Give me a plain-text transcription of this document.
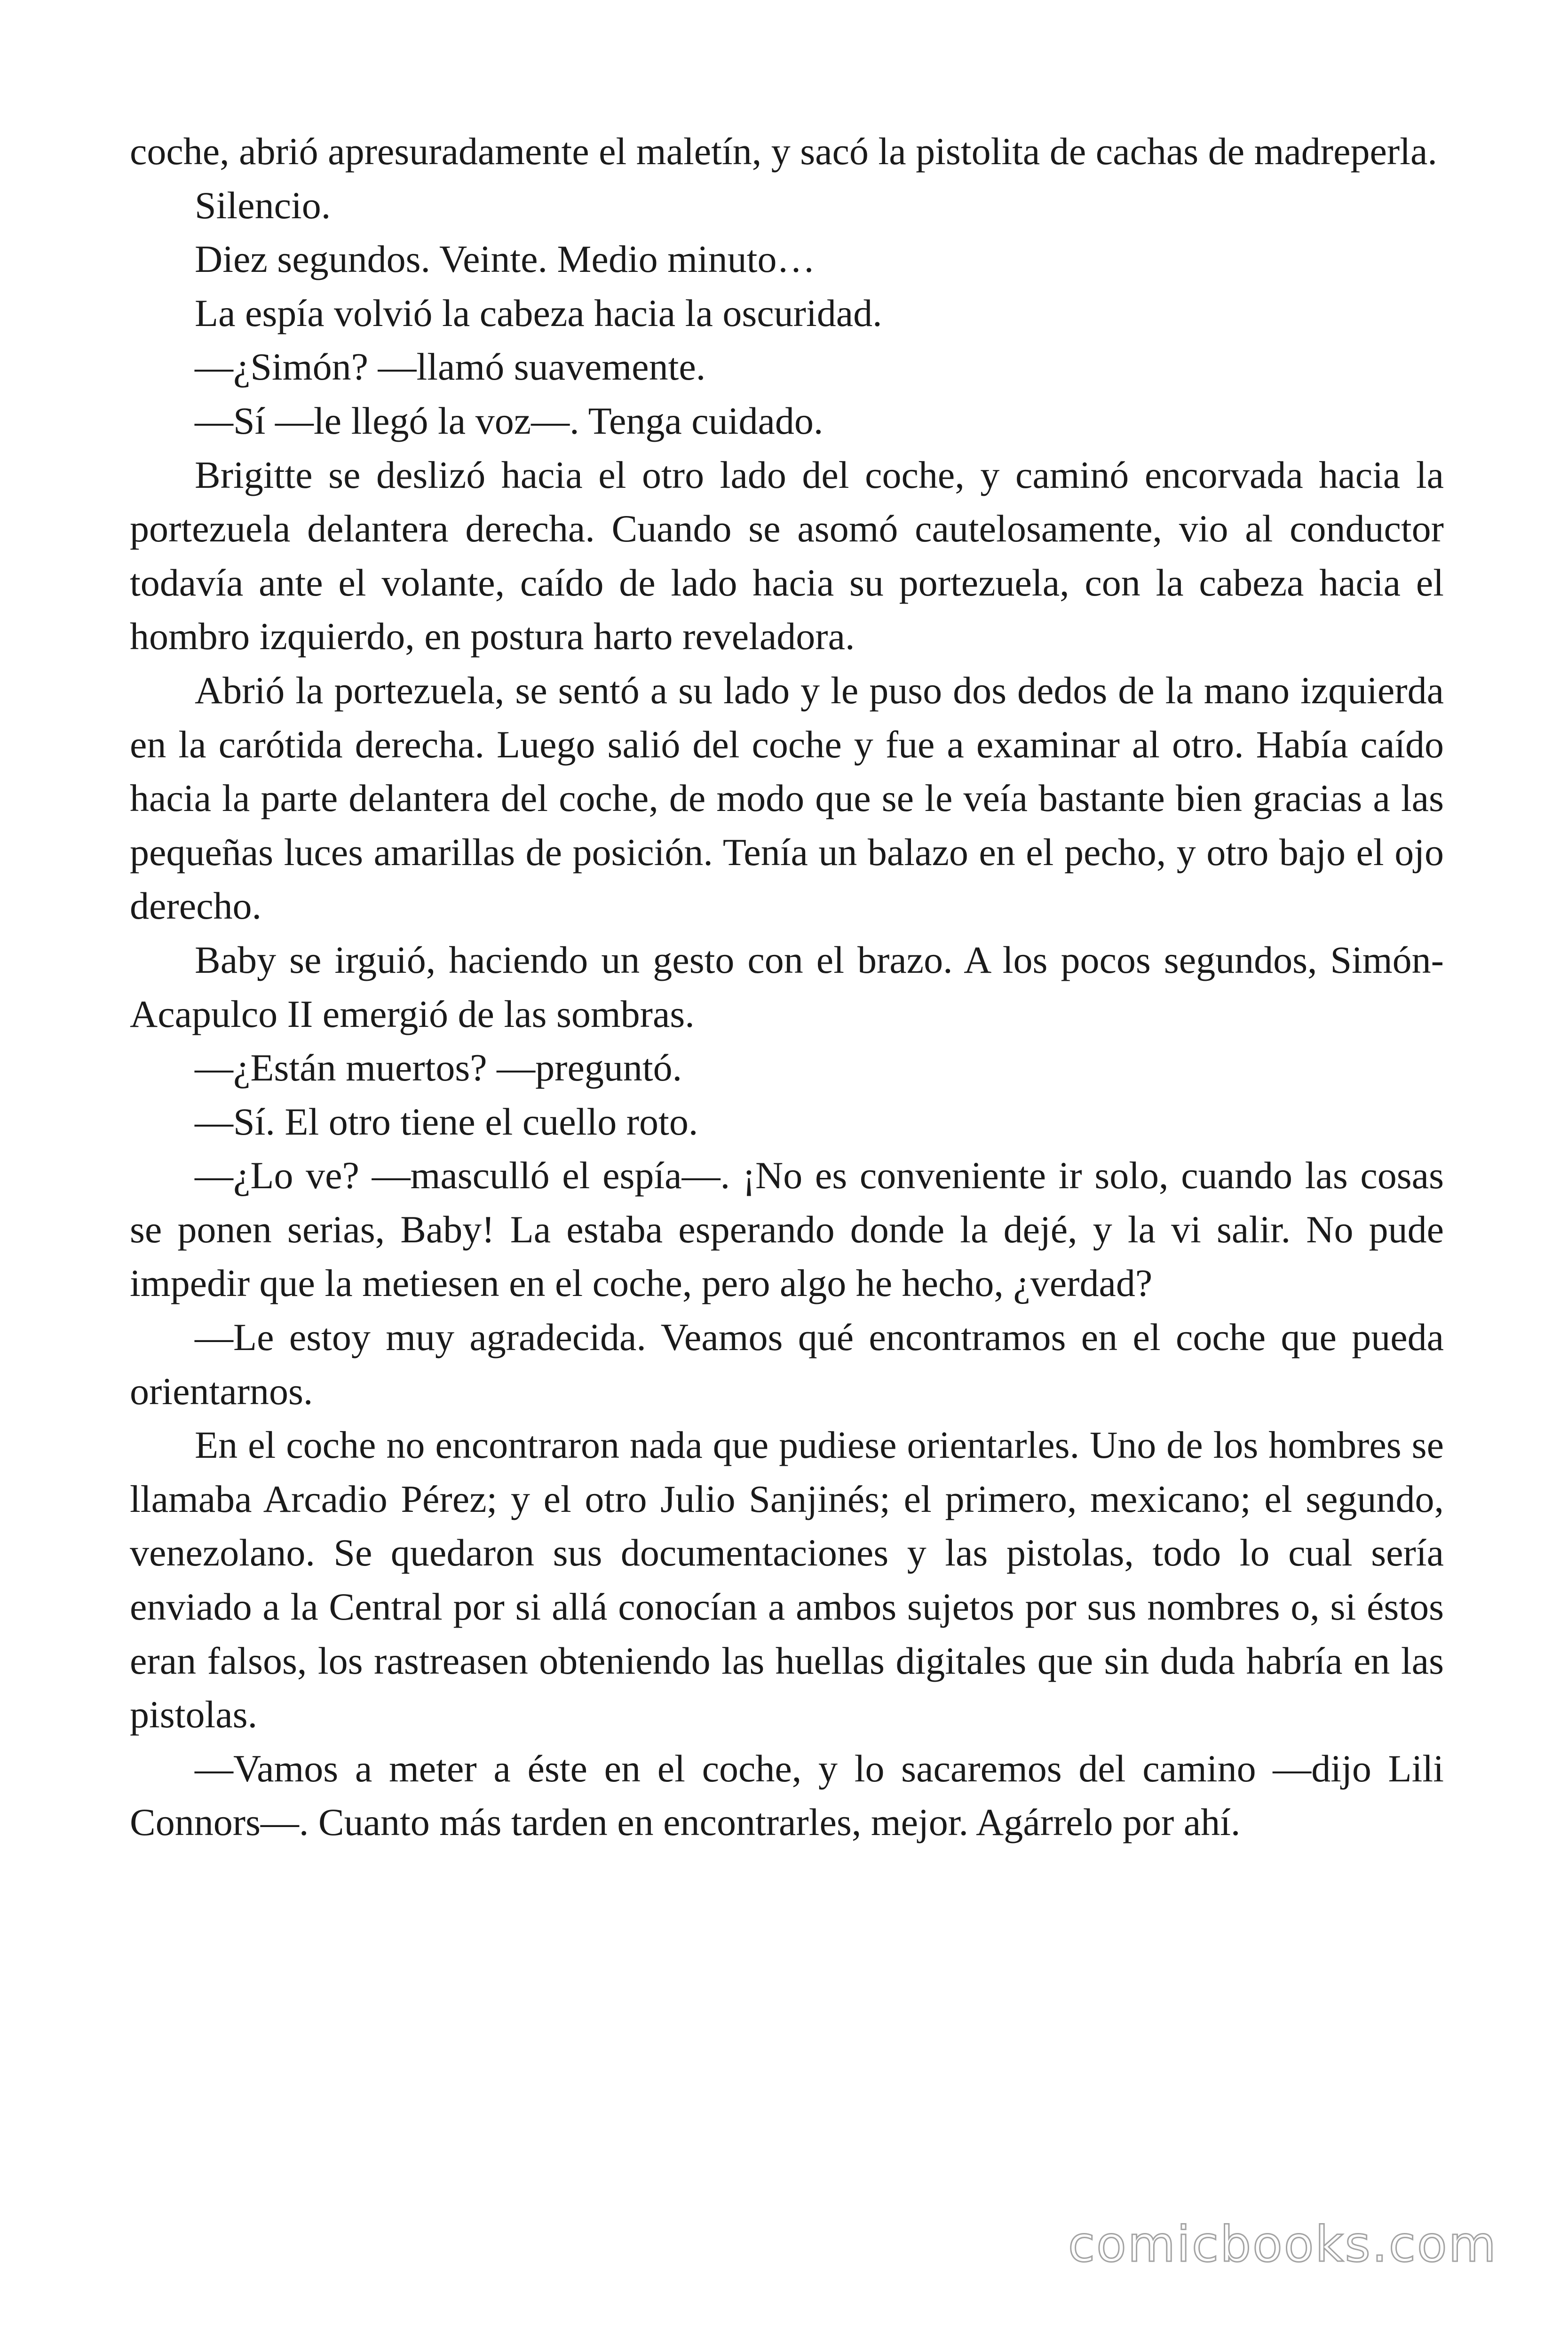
coche, abrió apresuradamente el maletín, y sacó la pistolita de cachas de madreperla.

Silencio.

Diez segundos. Veinte. Medio minuto…

La espía volvió la cabeza hacia la oscuridad.

—¿Simón? —llamó suavemente.

—Sí —le llegó la voz—. Tenga cuidado.

Brigitte se deslizó hacia el otro lado del coche, y caminó encorvada hacia la portezuela delantera derecha. Cuando se asomó cautelosamente, vio al conductor todavía ante el volante, caído de lado hacia su portezuela, con la cabeza hacia el hombro izquierdo, en postura harto reveladora.

Abrió la portezuela, se sentó a su lado y le puso dos dedos de la mano izquierda en la carótida derecha. Luego salió del coche y fue a examinar al otro. Había caído hacia la parte delantera del coche, de modo que se le veía bastante bien gracias a las pequeñas luces amarillas de posición. Tenía un balazo en el pecho, y otro bajo el ojo derecho.

Baby se irguió, haciendo un gesto con el brazo. A los pocos segundos, Simón-Acapulco II emergió de las sombras.

—¿Están muertos? —preguntó.

—Sí. El otro tiene el cuello roto.

—¿Lo ve? —masculló el espía—. ¡No es conveniente ir solo, cuando las cosas se ponen serias, Baby! La estaba esperando donde la dejé, y la vi salir. No pude impedir que la metiesen en el coche, pero algo he hecho, ¿verdad?

—Le estoy muy agradecida. Veamos qué encontramos en el coche que pueda orientarnos.

En el coche no encontraron nada que pudiese orientarles. Uno de los hombres se llamaba Arcadio Pérez; y el otro Julio Sanjinés; el primero, mexicano; el segundo, venezolano. Se quedaron sus documentaciones y las pistolas, todo lo cual sería enviado a la Central por si allá conocían a ambos sujetos por sus nombres o, si éstos eran falsos, los rastreasen obteniendo las huellas digitales que sin duda habría en las pistolas.

—Vamos a meter a éste en el coche, y lo sacaremos del camino —dijo Lili Connors—. Cuanto más tarden en encontrarles, mejor. Agárrelo por ahí.

comicbooks.com
